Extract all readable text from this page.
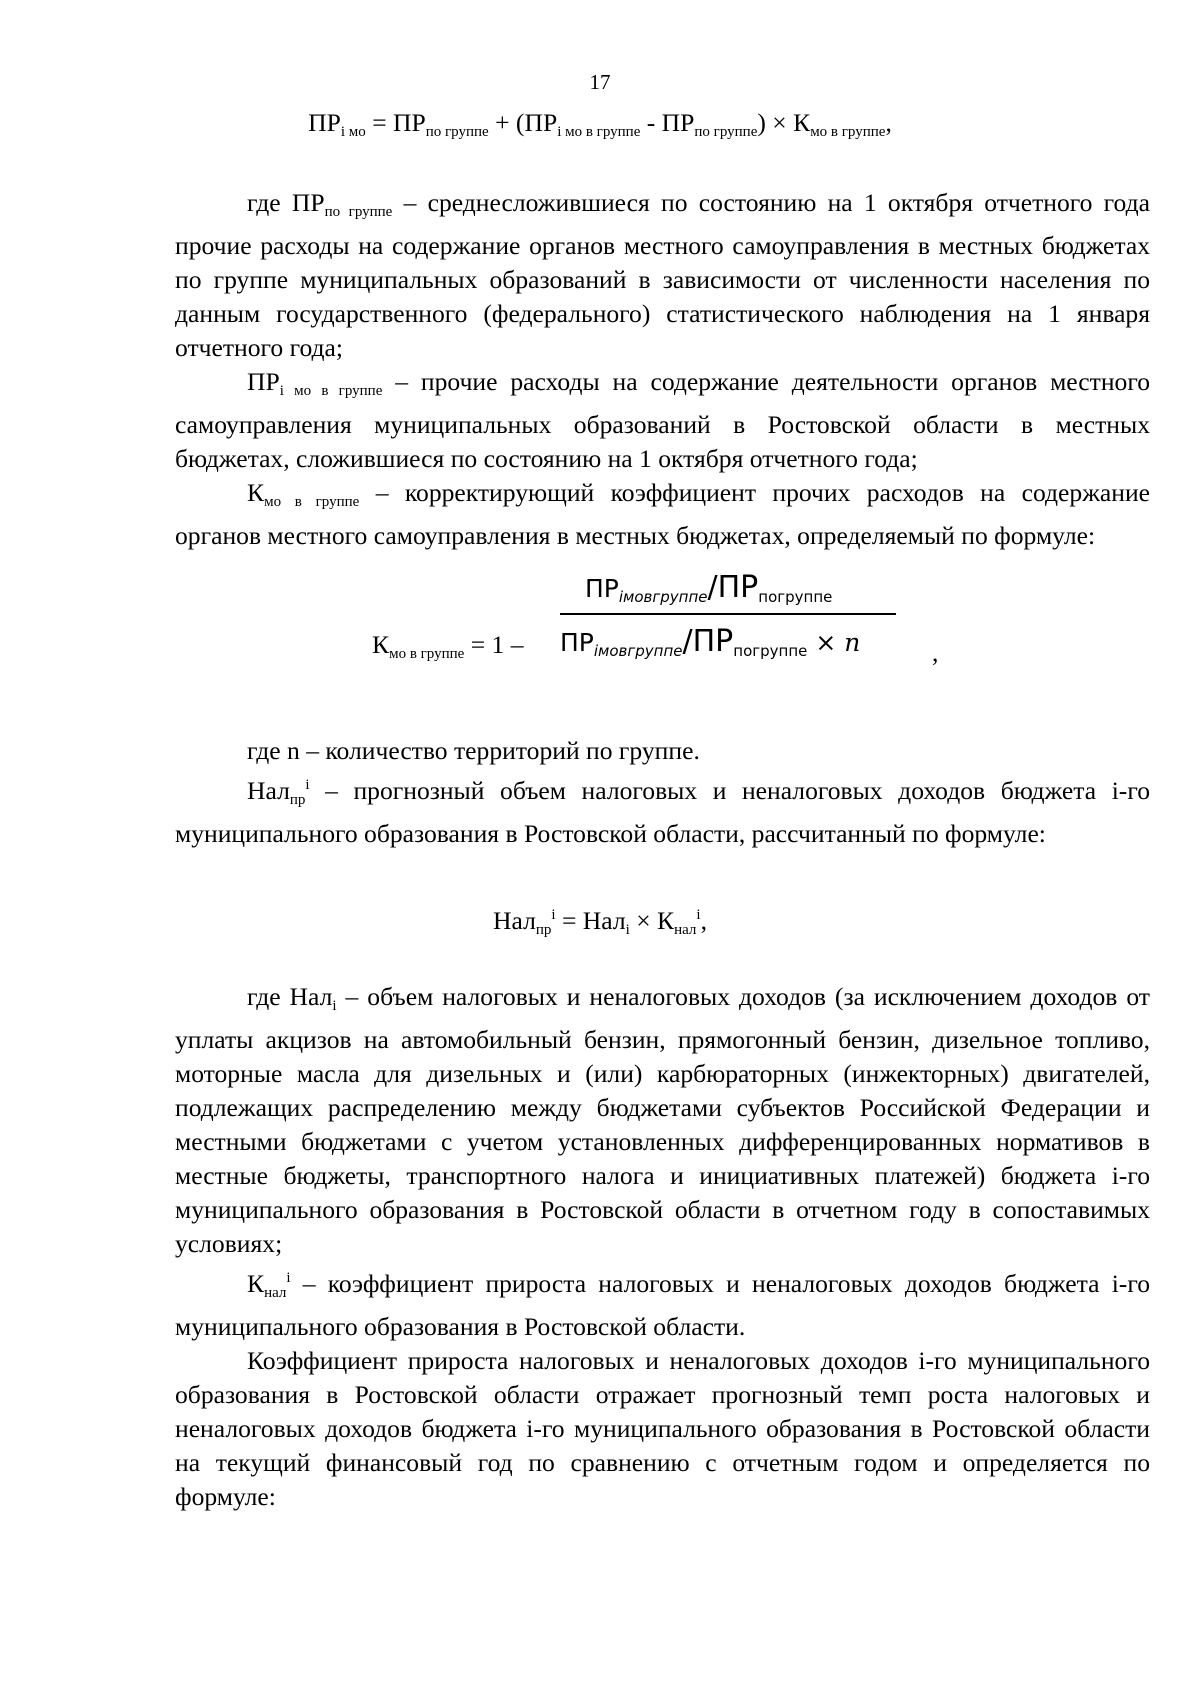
17
$ПР_{i мо} = ПР_{по группе} + (ПР_{i мо в группе} - ПР_{по группе}) \times К_{мо в группе}$,

где $ПР_{по группе}$ – среднесложившиеся по состоянию на 1 октября отчетного года прочие расходы на содержание органов местного самоуправления в местных бюджетах по группе муниципальных образований в зависимости от численности населения по данным государственного (федерального) статистического наблюдения на 1 января отчетного года;

$ПР_{i мо в группе}$ – прочие расходы на содержание деятельности органов местного самоуправления муниципальных образований в Ростовской области в местных бюджетах, сложившиеся по состоянию на 1 октября отчетного года;

$К_{мо в группе}$ – корректирующий коэффициент прочих расходов на содержание органов местного самоуправления в местных бюджетах, определяемый по формуле:

$К_{мо в группе} = 1$ –
$ПР_{iмовгруппе}/ПР_{погруппе}$
$ПР_{iмовгруппе}/ПР_{погруппе} \times n$	,

где n – количество территорий по группе.

Нал$_{пр}^i$ – прогнозный объем налоговых и неналоговых доходов бюджета i-го муниципального образования в Ростовской области, рассчитанный по формуле:

$Нал_{пр}^i = Нал_i \times К_{нал}^i$,

где Нал$_i$ – объем налоговых и неналоговых доходов (за исключением доходов от уплаты акцизов на автомобильный бензин, прямогонный бензин, дизельное топливо, моторные масла для дизельных и (или) карбюраторных (инжекторных) двигателей, подлежащих распределению между бюджетами субъектов Российской Федерации и местными бюджетами с учетом установленных дифференцированных нормативов в местные бюджеты, транспортного налога и инициативных платежей) бюджета i-го муниципального образования в Ростовской области в отчетном году в сопоставимых условиях;

$К_{нал}^i$ – коэффициент прироста налоговых и неналоговых доходов бюджета i-го муниципального образования в Ростовской области.

Коэффициент прироста налоговых и неналоговых доходов i-го муниципального образования в Ростовской области отражает прогнозный темп роста налоговых и неналоговых доходов бюджета i-го муниципального образования в Ростовской области на текущий финансовый год по сравнению с отчетным годом и определяется по формуле:
